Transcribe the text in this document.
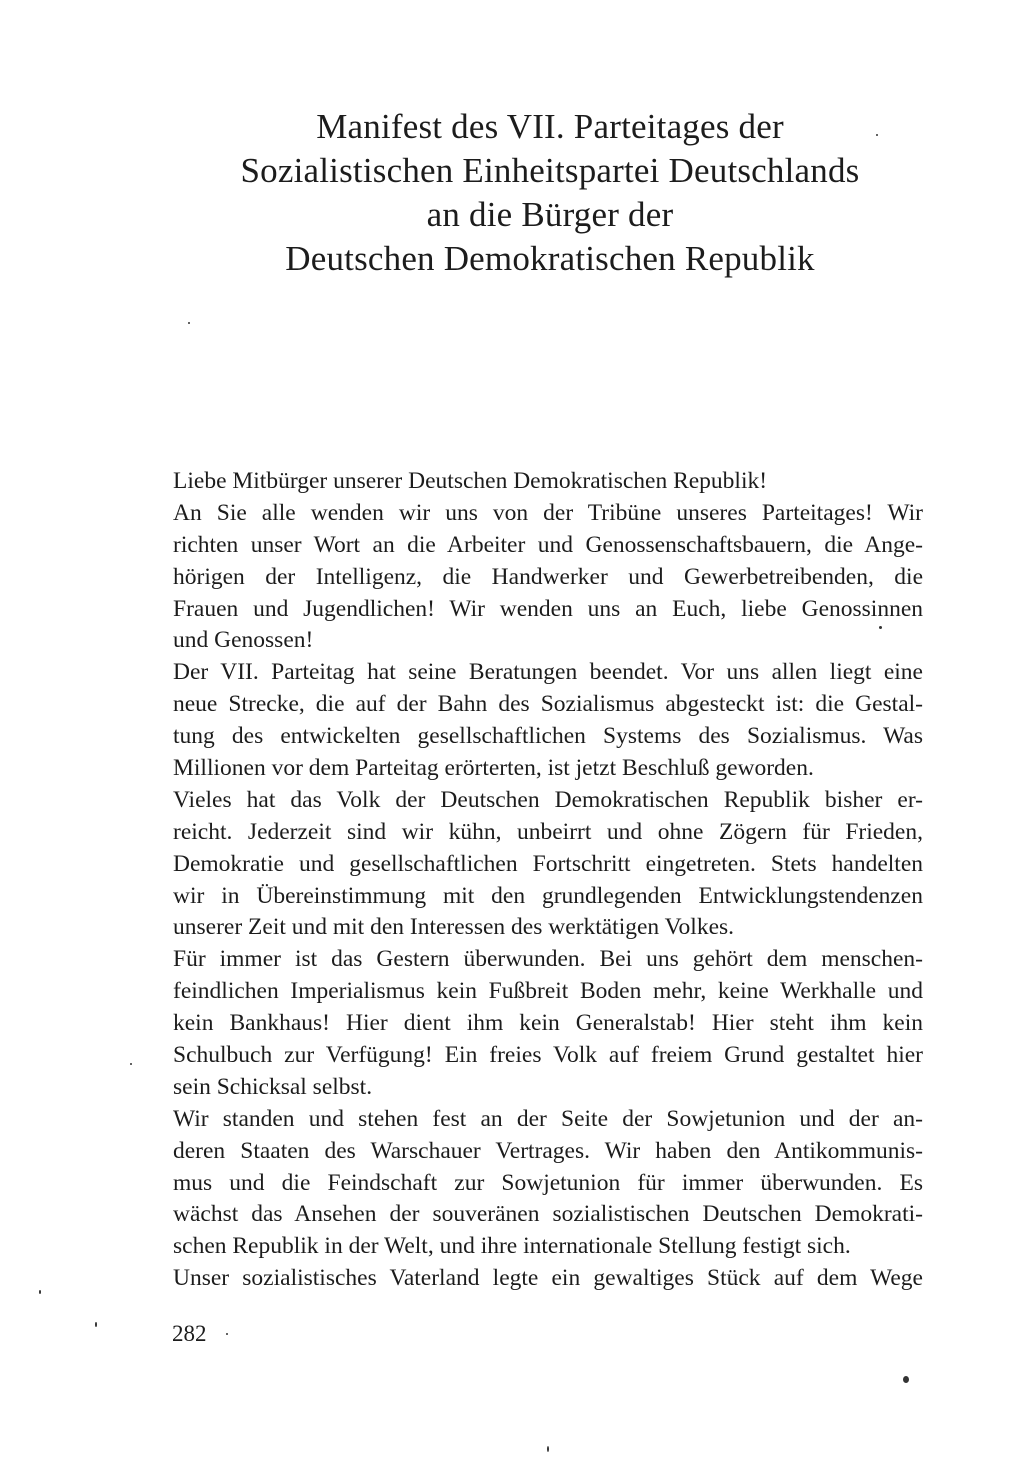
Manifest des VII. Parteitages der
Sozialistischen Einheitspartei Deutschlands
an die Bürger der
Deutschen Demokratischen Republik
Liebe Mitbürger unserer Deutschen Demokratischen Republik!
An Sie alle wenden wir uns von der Tribüne unseres Parteitages! Wir
richten unser Wort an die Arbeiter und Genossenschaftsbauern, die Ange-
hörigen der Intelligenz, die Handwerker und Gewerbetreibenden, die
Frauen und Jugendlichen! Wir wenden uns an Euch, liebe Genossinnen
und Genossen!
Der VII. Parteitag hat seine Beratungen beendet. Vor uns allen liegt eine
neue Strecke, die auf der Bahn des Sozialismus abgesteckt ist: die Gestal-
tung des entwickelten gesellschaftlichen Systems des Sozialismus. Was
Millionen vor dem Parteitag erörterten, ist jetzt Beschluß geworden.
Vieles hat das Volk der Deutschen Demokratischen Republik bisher er-
reicht. Jederzeit sind wir kühn, unbeirrt und ohne Zögern für Frieden,
Demokratie und gesellschaftlichen Fortschritt eingetreten. Stets handelten
wir in Übereinstimmung mit den grundlegenden Entwicklungstendenzen
unserer Zeit und mit den Interessen des werktätigen Volkes.
Für immer ist das Gestern überwunden. Bei uns gehört dem menschen-
feindlichen Imperialismus kein Fußbreit Boden mehr, keine Werkhalle und
kein Bankhaus! Hier dient ihm kein Generalstab! Hier steht ihm kein
Schulbuch zur Verfügung! Ein freies Volk auf freiem Grund gestaltet hier
sein Schicksal selbst.
Wir standen und stehen fest an der Seite der Sowjetunion und der an-
deren Staaten des Warschauer Vertrages. Wir haben den Antikommunis-
mus und die Feindschaft zur Sowjetunion für immer überwunden. Es
wächst das Ansehen der souveränen sozialistischen Deutschen Demokrati-
schen Republik in der Welt, und ihre internationale Stellung festigt sich.
Unser sozialistisches Vaterland legte ein gewaltiges Stück auf dem Wege
282
